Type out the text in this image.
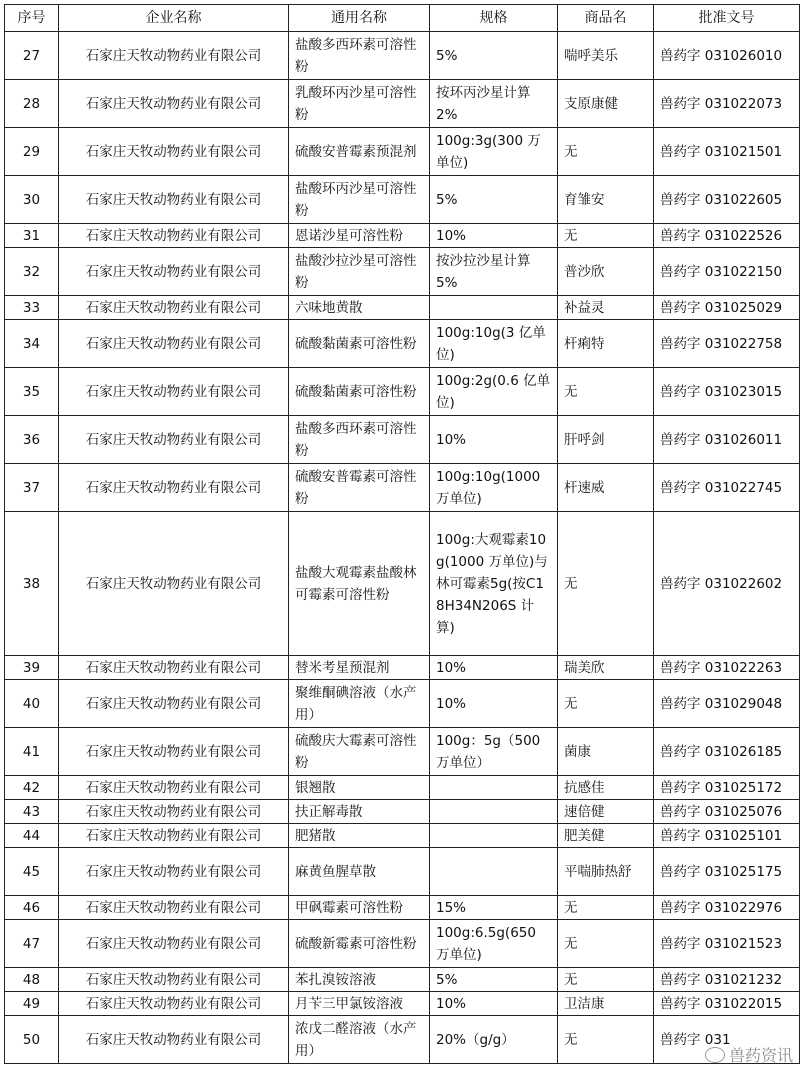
序号	企业名称	通用名称	规格	商品名	批准文号
27	石家庄天牧动物药业有限公司	盐酸多西环素可溶性粉	5%	喘呼美乐	兽药字 031026010
28	石家庄天牧动物药业有限公司	乳酸环丙沙星可溶性粉	按环丙沙星计算2%	支原康健	兽药字 031022073
29	石家庄天牧动物药业有限公司	硫酸安普霉素预混剂	100g:3g(300 万单位)	无	兽药字 031021501
30	石家庄天牧动物药业有限公司	盐酸环丙沙星可溶性粉	5%	育雏安	兽药字 031022605
31	石家庄天牧动物药业有限公司	恩诺沙星可溶性粉	10%	无	兽药字 031022526
32	石家庄天牧动物药业有限公司	盐酸沙拉沙星可溶性粉	按沙拉沙星计算5%	普沙欣	兽药字 031022150
33	石家庄天牧动物药业有限公司	六味地黄散		补益灵	兽药字 031025029
34	石家庄天牧动物药业有限公司	硫酸黏菌素可溶性粉	100g:10g(3 亿单位)	杆痢特	兽药字 031022758
35	石家庄天牧动物药业有限公司	硫酸黏菌素可溶性粉	100g:2g(0.6 亿单位)	无	兽药字 031023015
36	石家庄天牧动物药业有限公司	盐酸多西环素可溶性粉	10%	肝呼剑	兽药字 031026011
37	石家庄天牧动物药业有限公司	硫酸安普霉素可溶性粉	100g:10g(1000 万单位)	杆速威	兽药字 031022745
38	石家庄天牧动物药业有限公司	盐酸大观霉素盐酸林可霉素可溶性粉	100g:大观霉素10g(1000 万单位)与林可霉素5g(按C18H34N206S 计算)	无	兽药字 031022602
39	石家庄天牧动物药业有限公司	替米考星预混剂	10%	瑞美欣	兽药字 031022263
40	石家庄天牧动物药业有限公司	聚维酮碘溶液（水产用）	10%	无	兽药字 031029048
41	石家庄天牧动物药业有限公司	硫酸庆大霉素可溶性粉	100g：5g（500 万单位）	菌康	兽药字 031026185
42	石家庄天牧动物药业有限公司	银翘散		抗感佳	兽药字 031025172
43	石家庄天牧动物药业有限公司	扶正解毒散		速倍健	兽药字 031025076
44	石家庄天牧动物药业有限公司	肥猪散		肥美健	兽药字 031025101
45	石家庄天牧动物药业有限公司	麻黄鱼腥草散		平喘肺热舒	兽药字 031025175
46	石家庄天牧动物药业有限公司	甲砜霉素可溶性粉	15%	无	兽药字 031022976
47	石家庄天牧动物药业有限公司	硫酸新霉素可溶性粉	100g:6.5g(650 万单位)	无	兽药字 031021523
48	石家庄天牧动物药业有限公司	苯扎溴铵溶液	5%	无	兽药字 031021232
49	石家庄天牧动物药业有限公司	月苄三甲氯铵溶液	10%	卫洁康	兽药字 031022015
50	石家庄天牧动物药业有限公司	浓戊二醛溶液（水产用）	20%（g/g）	无	兽药字 031
兽药资讯
